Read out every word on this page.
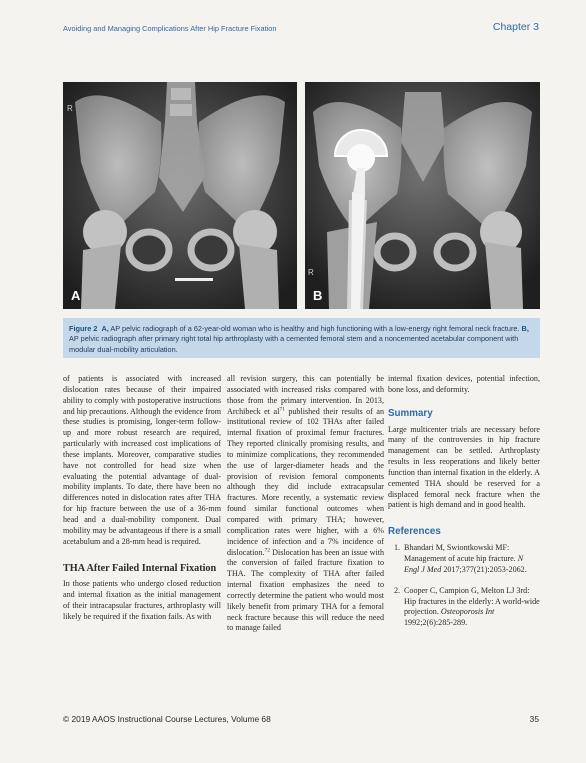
Avoiding and Managing Complications After Hip Fracture Fixation	Chapter 3
R
A
R
B
Figure 2 A, AP pelvic radiograph of a 62-year-old woman who is healthy and high functioning with a low-energy right femoral neck fracture. B, AP pelvic radiograph after primary right total hip arthroplasty with a cemented femoral stem and a noncemented acetabular component with modular dual-mobility articulation.

of patients is associated with increased dislocation rates because of their impaired ability to comply with postoperative instructions and hip precautions. Although the evidence from these studies is promising, longer-term follow-up and more robust research are required, particularly with increased cost implications of these implants. Moreover, comparative studies have not controlled for head size when evaluating the potential advantage of dual-mobility implants. To date, there have been no differences noted in dislocation rates after THA for hip fracture between the use of a 36-mm head and a dual-mobility component. Dual mobility may be advantageous if there is a small acetabulum and a 28-mm head is required.

THA After Failed Internal Fixation

In those patients who undergo closed reduction and internal fixation as the initial management of their intracapsular fractures, arthroplasty will likely be required if the fixation fails. As with

all revision surgery, this can potentially be associated with increased risks compared with those from the primary intervention. In 2013, Archibeck et $al^{71}$ published their results of an institutional review of 102 THAs after failed internal fixation of proximal femur fractures. They reported clinically promising results, and to minimize complications, they recommended the use of larger-diameter heads and the provision of revision femoral components although they did include extracapsular fractures. More recently, a systematic review found similar functional outcomes when compared with primary THA; however, complication rates were higher, with a 6% incidence of infection and a 7% incidence of dislocation.$^{72}$ Dislocation has been an issue with the conversion of failed fracture fixation to THA. The complexity of THA after failed internal fixation emphasizes the need to correctly determine the patient who would most likely benefit from primary THA for a femoral neck fracture because this will reduce the need to manage failed

internal fixation devices, potential infection, bone loss, and deformity.

Summary

Large multicenter trials are necessary before many of the controversies in hip fracture management can be settled. Arthroplasty results in less reoperations and likely better function than internal fixation in the elderly. A cemented THA should be reserved for a displaced femoral neck fracture when the patient is high demand and in good health.

References
1. Bhandari M, Swiontkowski MF: Management of acute hip fracture. N Engl J Med 2017;377(21):2053-2062.
2. Cooper C, Campion G, Melton LJ 3rd: Hip fractures in the elderly: A world-wide projection. Osteoporosis Int 1992;2(6):285-289.
© 2019 AAOS Instructional Course Lectures, Volume 68	35
